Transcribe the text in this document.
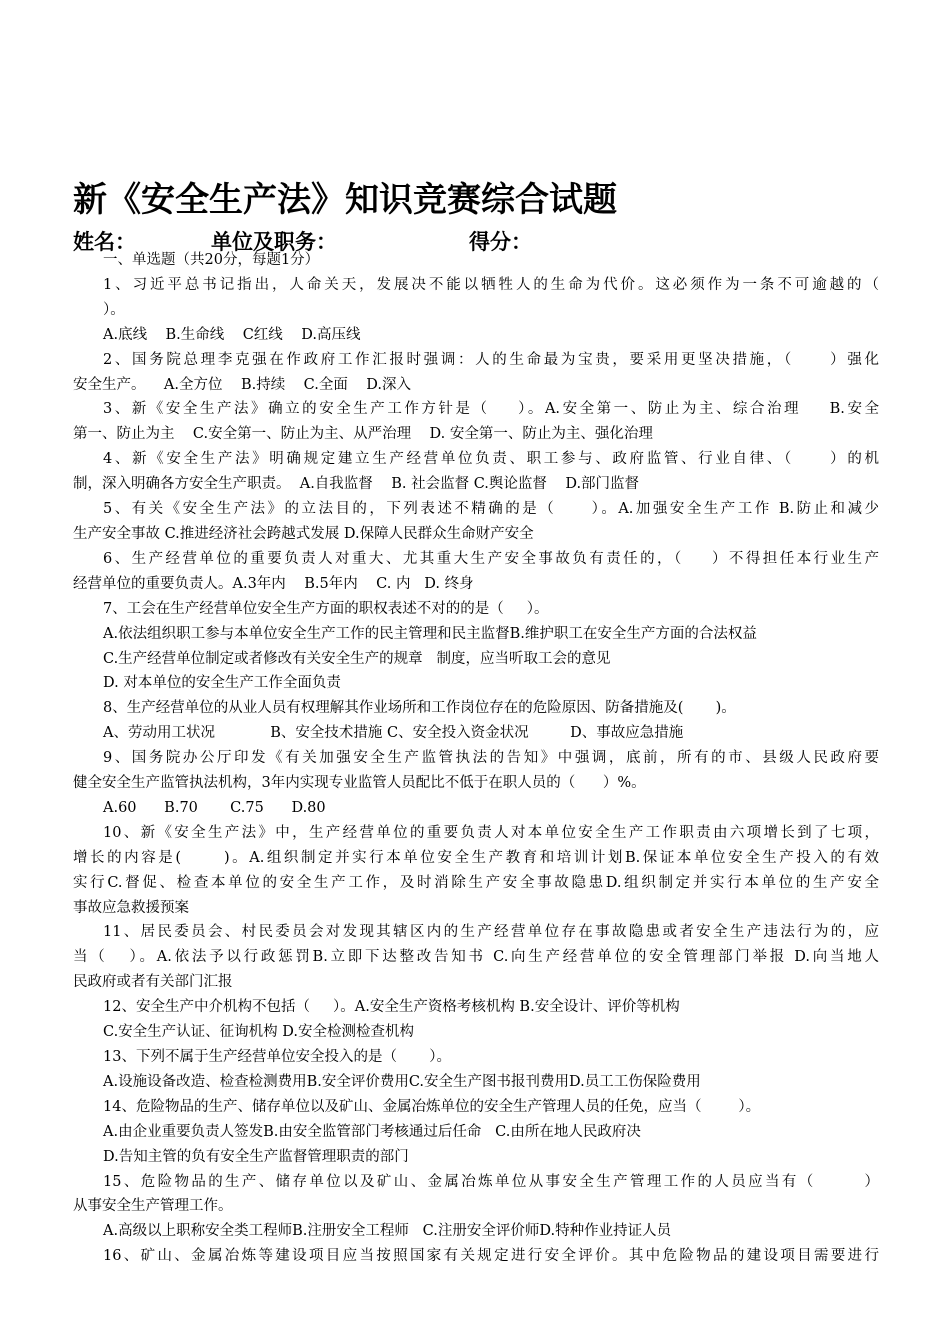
新《安全生产法》知识竞赛综合试题
姓名：	单位及职务：	得分：

一、单选题（共20分，每题1分）

1、习近平总书记指出，人命关天，发展决不能以牺牲人的生命为代价。这必须作为一条不可逾越的（

）。

A.底线    B.生命线    C红线    D.高压线

2、国务院总理李克强在作政府工作汇报时强调：人的生命最为宝贵，要采用更坚决措施，（     ）强化

安全生产。    A.全方位    B.持续    C.全面    D.深入

3、新《安全生产法》确立的安全生产工作方针是（    ）。A.安全第一、防止为主、综合治理    B.安全

第一、防止为主    C.安全第一、防止为主、从严治理    D. 安全第一、防止为主、强化治理

4、新《安全生产法》明确规定建立生产经营单位负责、职工参与、政府监管、行业自律、（     ）的机

制，深入明确各方安全生产职责。  A.自我监督    B. 社会监督 C.舆论监督    D.部门监督

5、有关《安全生产法》的立法目的，下列表述不精确的是（     ）。A.加强安全生产工作 B.防止和减少

生产安全事故 C.推进经济社会跨越式发展 D.保障人民群众生命财产安全

6、生产经营单位的重要负责人对重大、尤其重大生产安全事故负有责任的，（    ）不得担任本行业生产

经营单位的重要负责人。A.3年内    B.5年内    C. 内   D. 终身

7、工会在生产经营单位安全生产方面的职权表述不对的的是（     ）。

A.依法组织职工参与本单位安全生产工作的民主管理和民主监督B.维护职工在安全生产方面的合法权益

C.生产经营单位制定或者修改有关安全生产的规章   制度，应当听取工会的意见

D. 对本单位的安全生产工作全面负责

8、生产经营单位的从业人员有权理解其作业场所和工作岗位存在的危险原因、防备措施及(       )。

A、劳动用工状况            B、安全技术措施 C、安全投入资金状况         D、事故应急措施

9、国务院办公厅印发《有关加强安全生产监管执法的告知》中强调，底前，所有的市、县级人民政府要

健全安全生产监管执法机构，3年内实现专业监管人员配比不低于在职人员的（      ）%。

A.60      B.70       C.75      D.80

10、新《安全生产法》中，生产经营单位的重要负责人对本单位安全生产工作职责由六项增长到了七项，

增长的内容是(      )。A.组织制定并实行本单位安全生产教育和培训计划B.保证本单位安全生产投入的有效

实行C.督促、检查本单位的安全生产工作，及时消除生产安全事故隐患D.组织制定并实行本单位的生产安全

事故应急救援预案

11、居民委员会、村民委员会对发现其辖区内的生产经营单位存在事故隐患或者安全生产违法行为的，应

当（   ）。A.依法予以行政惩罚B.立即下达整改告知书 C.向生产经营单位的安全管理部门举报 D.向当地人

民政府或者有关部门汇报

12、安全生产中介机构不包括（     ）。A.安全生产资格考核机构 B.安全设计、评价等机构

C.安全生产认证、征询机构 D.安全检测检查机构

13、下列不属于生产经营单位安全投入的是（       ）。

A.设施设备改造、检查检测费用B.安全评价费用C.安全生产图书报刊费用D.员工工伤保险费用

14、危险物品的生产、储存单位以及矿山、金属冶炼单位的安全生产管理人员的任免，应当（        ）。

A.由企业重要负责人签发B.由安全监管部门考核通过后任命   C.由所在地人民政府决

D.告知主管的负有安全生产监督管理职责的部门

15、危险物品的生产、储存单位以及矿山、金属冶炼单位从事安全生产管理工作的人员应当有（       ）

从事安全生产管理工作。

A.高级以上职称安全类工程师B.注册安全工程师   C.注册安全评价师D.特种作业持证人员

16、矿山、金属冶炼等建设项目应当按照国家有关规定进行安全评价。其中危险物品的建设项目需要进行
